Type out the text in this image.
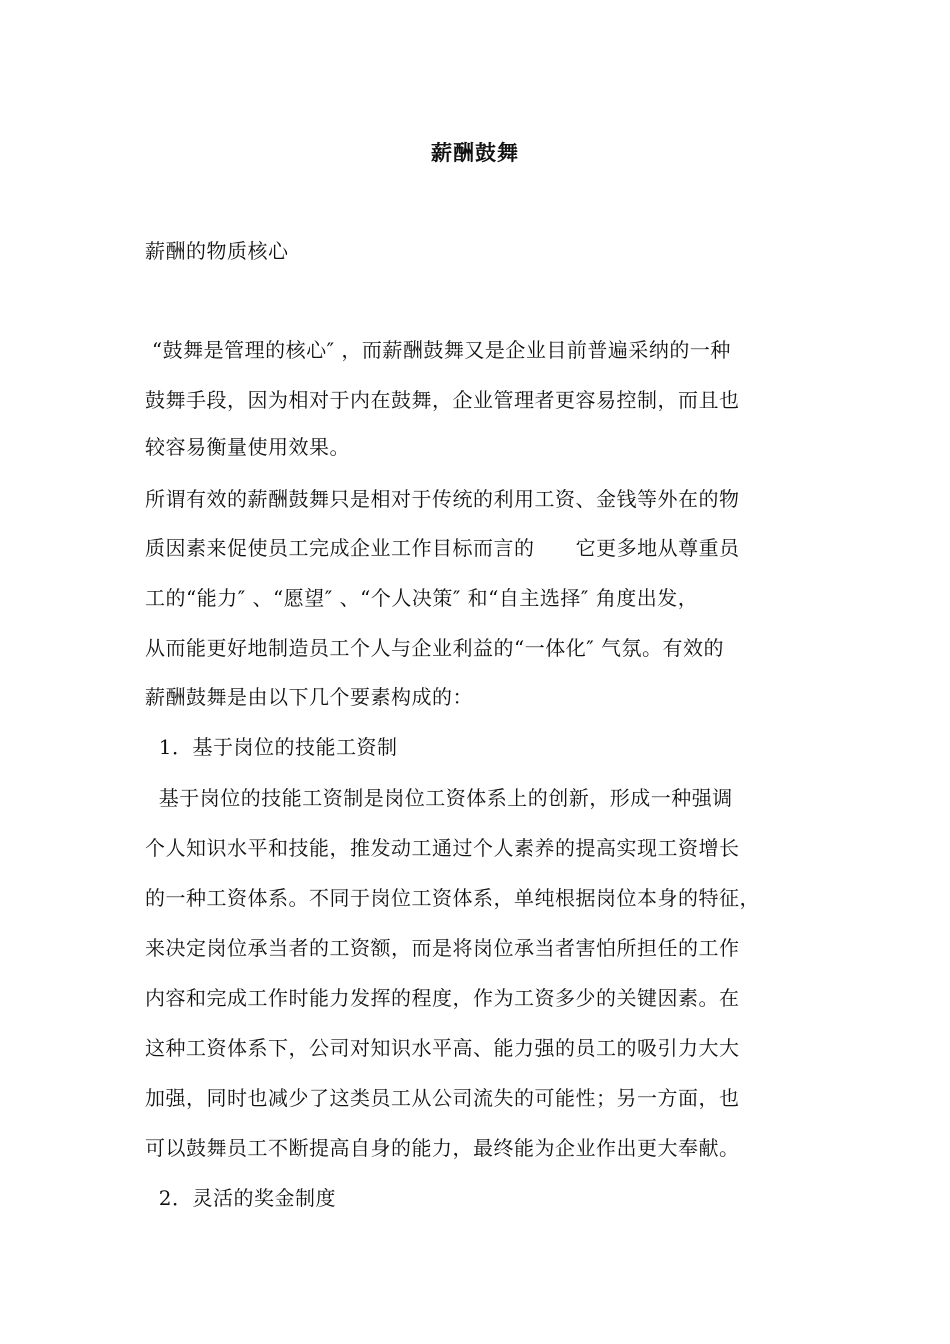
薪酬鼓舞
薪酬的物质核心
“鼓舞是管理的核心″ ，而薪酬鼓舞又是企业目前普遍采纳的一种
鼓舞手段，因为相对于内在鼓舞，企业管理者更容易控制，而且也
较容易衡量使用效果。
所谓有效的薪酬鼓舞只是相对于传统的利用工资、金钱等外在的物
质因素来促使员工完成企业工作目标而言的      它更多地从尊重员
工的“能力″ 、“愿望″ 、“个人决策″ 和“自主选择″ 角度出发，
从而能更好地制造员工个人与企业利益的“一体化″ 气氛。有效的
薪酬鼓舞是由以下几个要素构成的：
1．基于岗位的技能工资制
基于岗位的技能工资制是岗位工资体系上的创新，形成一种强调
个人知识水平和技能，推发动工通过个人素养的提高实现工资增长
的一种工资体系。不同于岗位工资体系，单纯根据岗位本身的特征，
来决定岗位承当者的工资额，而是将岗位承当者害怕所担任的工作
内容和完成工作时能力发挥的程度，作为工资多少的关键因素。在
这种工资体系下，公司对知识水平高、能力强的员工的吸引力大大
加强，同时也减少了这类员工从公司流失的可能性；另一方面，也
可以鼓舞员工不断提高自身的能力，最终能为企业作出更大奉献。
2．灵活的奖金制度
